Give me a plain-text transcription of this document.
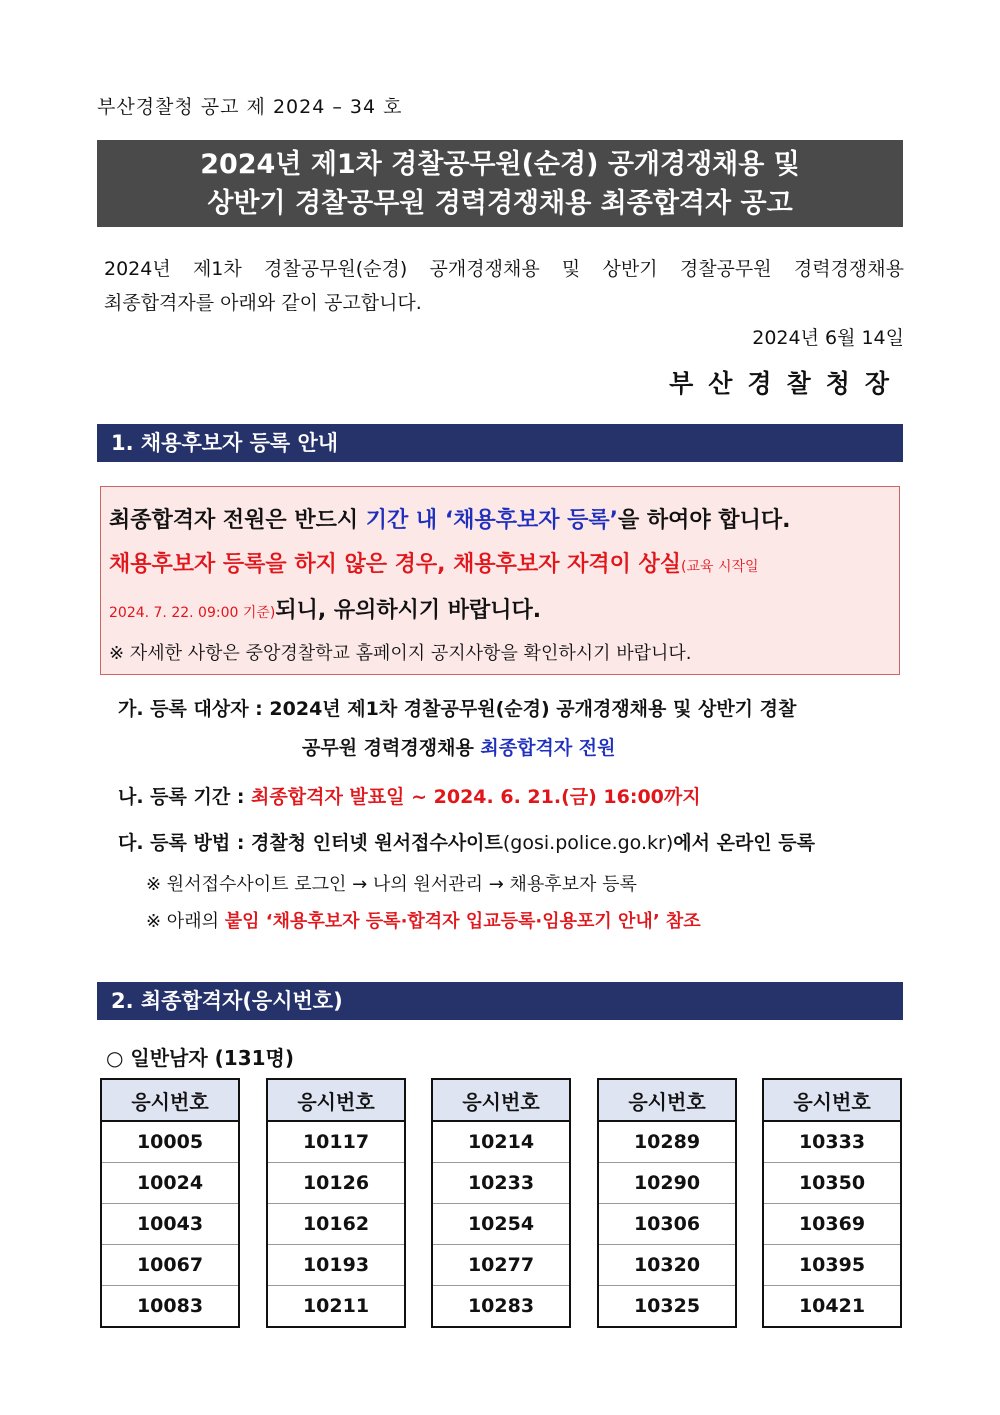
부산경찰청 공고 제 2024 – 34 호
2024년 제1차 경찰공무원(순경) 공개경쟁채용 및
상반기 경찰공무원 경력경쟁채용 최종합격자 공고
2024년 제1차 경찰공무원(순경) 공개경쟁채용 및 상반기 경찰공무원 경력경쟁채용
최종합격자를 아래와 같이 공고합니다.
2024년 6월 14일
부산경찰청장
1. 채용후보자 등록 안내
최종합격자 전원은 반드시 기간 내 ‘채용후보자 등록’을 하여야 합니다.
채용후보자 등록을 하지 않은 경우, 채용후보자 자격이 상실(교육 시작일
2024. 7. 22. 09:00 기준)되니, 유의하시기 바랍니다.
※ 자세한 사항은 중앙경찰학교 홈페이지 공지사항을 확인하시기 바랍니다.
가. 등록 대상자 : 2024년 제1차 경찰공무원(순경) 공개경쟁채용 및 상반기 경찰
공무원 경력경쟁채용 최종합격자 전원
나. 등록 기간 : 최종합격자 발표일 ~ 2024. 6. 21.(금) 16:00까지
다. 등록 방법 : 경찰청 인터넷 원서접수사이트(gosi.police.go.kr)에서 온라인 등록
※ 원서접수사이트 로그인 → 나의 원서관리 → 채용후보자 등록
※ 아래의 붙임 ‘채용후보자 등록·합격자 입교등록·임용포기 안내’ 참조
2. 최종합격자(응시번호)
○ 일반남자 (131명)
응시번호
10005
10024
10043
10067
10083
응시번호
10117
10126
10162
10193
10211
응시번호
10214
10233
10254
10277
10283
응시번호
10289
10290
10306
10320
10325
응시번호
10333
10350
10369
10395
10421
